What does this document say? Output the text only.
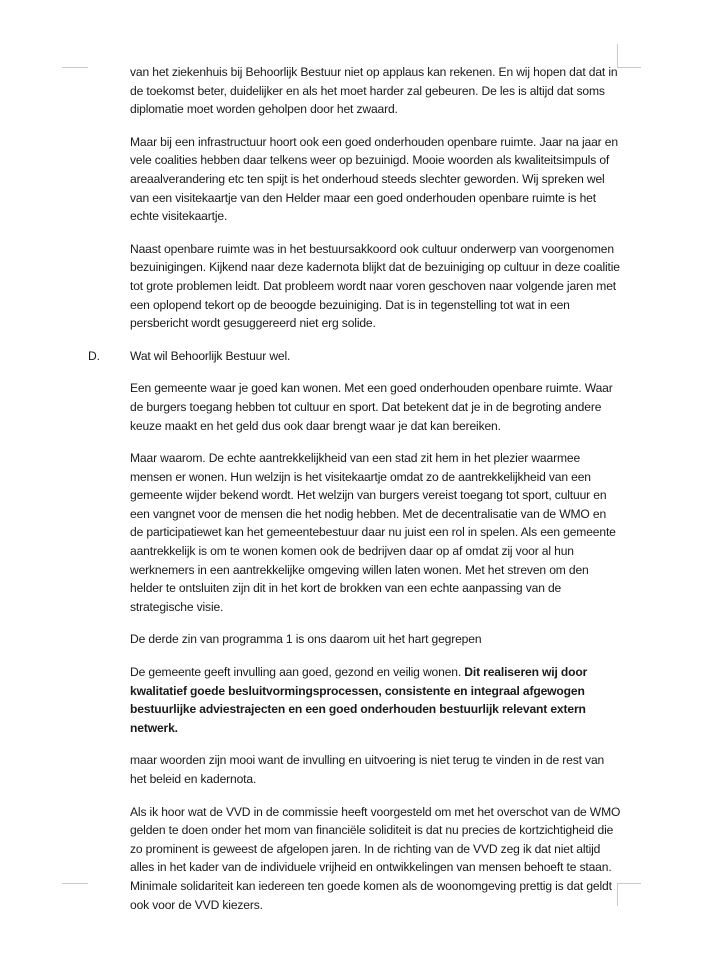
van het ziekenhuis bij Behoorlijk Bestuur niet op applaus kan rekenen. En wij hopen dat dat in de toekomst beter, duidelijker en als het moet harder zal gebeuren. De les is altijd dat soms diplomatie moet worden geholpen door het zwaard.

Maar bij een infrastructuur hoort ook een goed onderhouden openbare ruimte. Jaar na jaar en vele coalities hebben daar telkens weer op bezuinigd. Mooie woorden als kwaliteitsimpuls of areaalverandering etc ten spijt is het onderhoud steeds slechter geworden. Wij spreken wel van een visitekaartje van den Helder maar een goed onderhouden openbare ruimte is het echte visitekaartje.

Naast openbare ruimte was in het bestuursakkoord ook cultuur onderwerp van voorgenomen bezuinigingen. Kijkend naar deze kadernota blijkt dat de bezuiniging op cultuur in deze coalitie tot grote problemen leidt. Dat probleem wordt naar voren geschoven naar volgende jaren met een oplopend tekort op de beoogde bezuiniging. Dat is in tegenstelling tot wat in een persbericht wordt gesuggereerd niet erg solide.

D. Wat wil Behoorlijk Bestuur wel.

Een gemeente waar je goed kan wonen. Met een goed onderhouden openbare ruimte. Waar de burgers toegang hebben tot cultuur en sport. Dat betekent dat je in de begroting andere keuze maakt en het geld dus ook daar brengt waar je dat kan bereiken.

Maar waarom. De echte aantrekkelijkheid van een stad zit hem in het plezier waarmee mensen er wonen. Hun welzijn is het visitekaartje omdat zo de aantrekkelijkheid van een gemeente wijder bekend wordt. Het welzijn van burgers vereist toegang tot sport, cultuur en een vangnet voor de mensen die het nodig hebben. Met de decentralisatie van de WMO en de participatiewet kan het gemeentebestuur daar nu juist een rol in spelen. Als een gemeente aantrekkelijk is om te wonen komen ook de bedrijven daar op af omdat zij voor al hun werknemers in een aantrekkelijke omgeving willen laten wonen. Met het streven om den helder te ontsluiten zijn dit in het kort de brokken van een echte aanpassing van de strategische visie.

De derde zin van programma 1 is ons daarom uit het hart gegrepen

De gemeente geeft invulling aan goed, gezond en veilig wonen. Dit realiseren wij door kwalitatief goede besluitvormingsprocessen, consistente en integraal afgewogen bestuurlijke adviestrajecten en een goed onderhouden bestuurlijk relevant extern netwerk.

maar woorden zijn mooi want de invulling en uitvoering is niet terug te vinden in de rest van het beleid en kadernota.

Als ik hoor wat de VVD in de commissie heeft voorgesteld om met het overschot van de WMO gelden te doen onder het mom van financiële soliditeit is dat nu precies de kortzichtigheid die zo prominent is geweest de afgelopen jaren. In de richting van de VVD zeg ik dat niet altijd alles in het kader van de individuele vrijheid en ontwikkelingen van mensen behoeft te staan. Minimale solidariteit kan iedereen ten goede komen als de woonomgeving prettig is dat geldt ook voor de VVD kiezers.
